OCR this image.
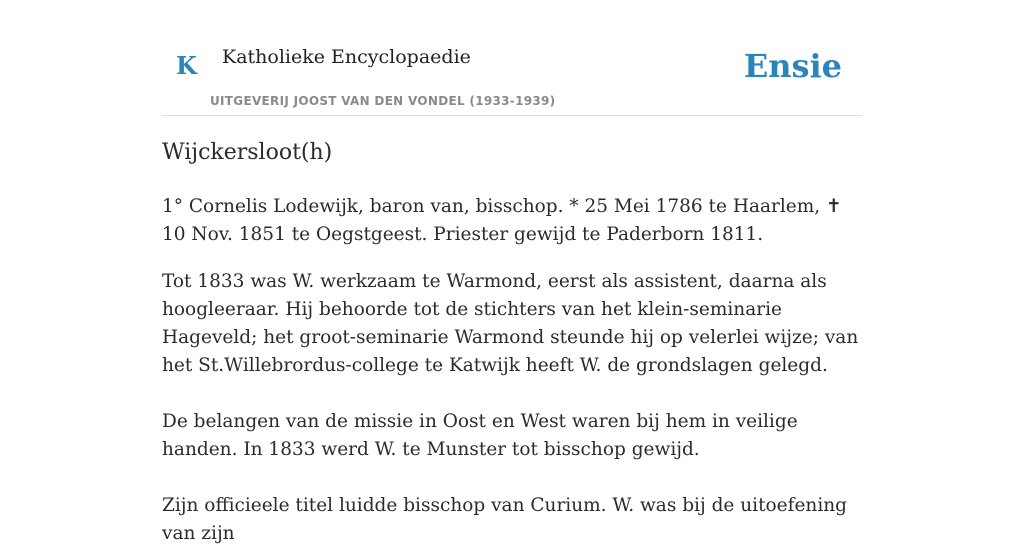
K Katholieke Encyclopaedie
UITGEVERIJ JOOST VAN DEN VONDEL (1933-1939)
Ensie
Wijckersloot(h)

1° Cornelis Lodewijk, baron van, bisschop. * 25 Mei 1786 te Haarlem, ✝ 10 Nov. 1851 te Oegstgeest. Priester gewijd te Paderborn 1811.

Tot 1833 was W. werkzaam te Warmond, eerst als assistent, daarna als hoogleeraar. Hij behoorde tot de stichters van het klein-seminarie Hageveld; het groot-seminarie Warmond steunde hij op velerlei wijze; van het St.Willebrordus-college te Katwijk heeft W. de grondslagen gelegd.

De belangen van de missie in Oost en West waren bij hem in veilige handen. In 1833 werd W. te Munster tot bisschop gewijd.

Zijn officieele titel luidde bisschop van Curium. W. was bij de uitoefening van zijn
